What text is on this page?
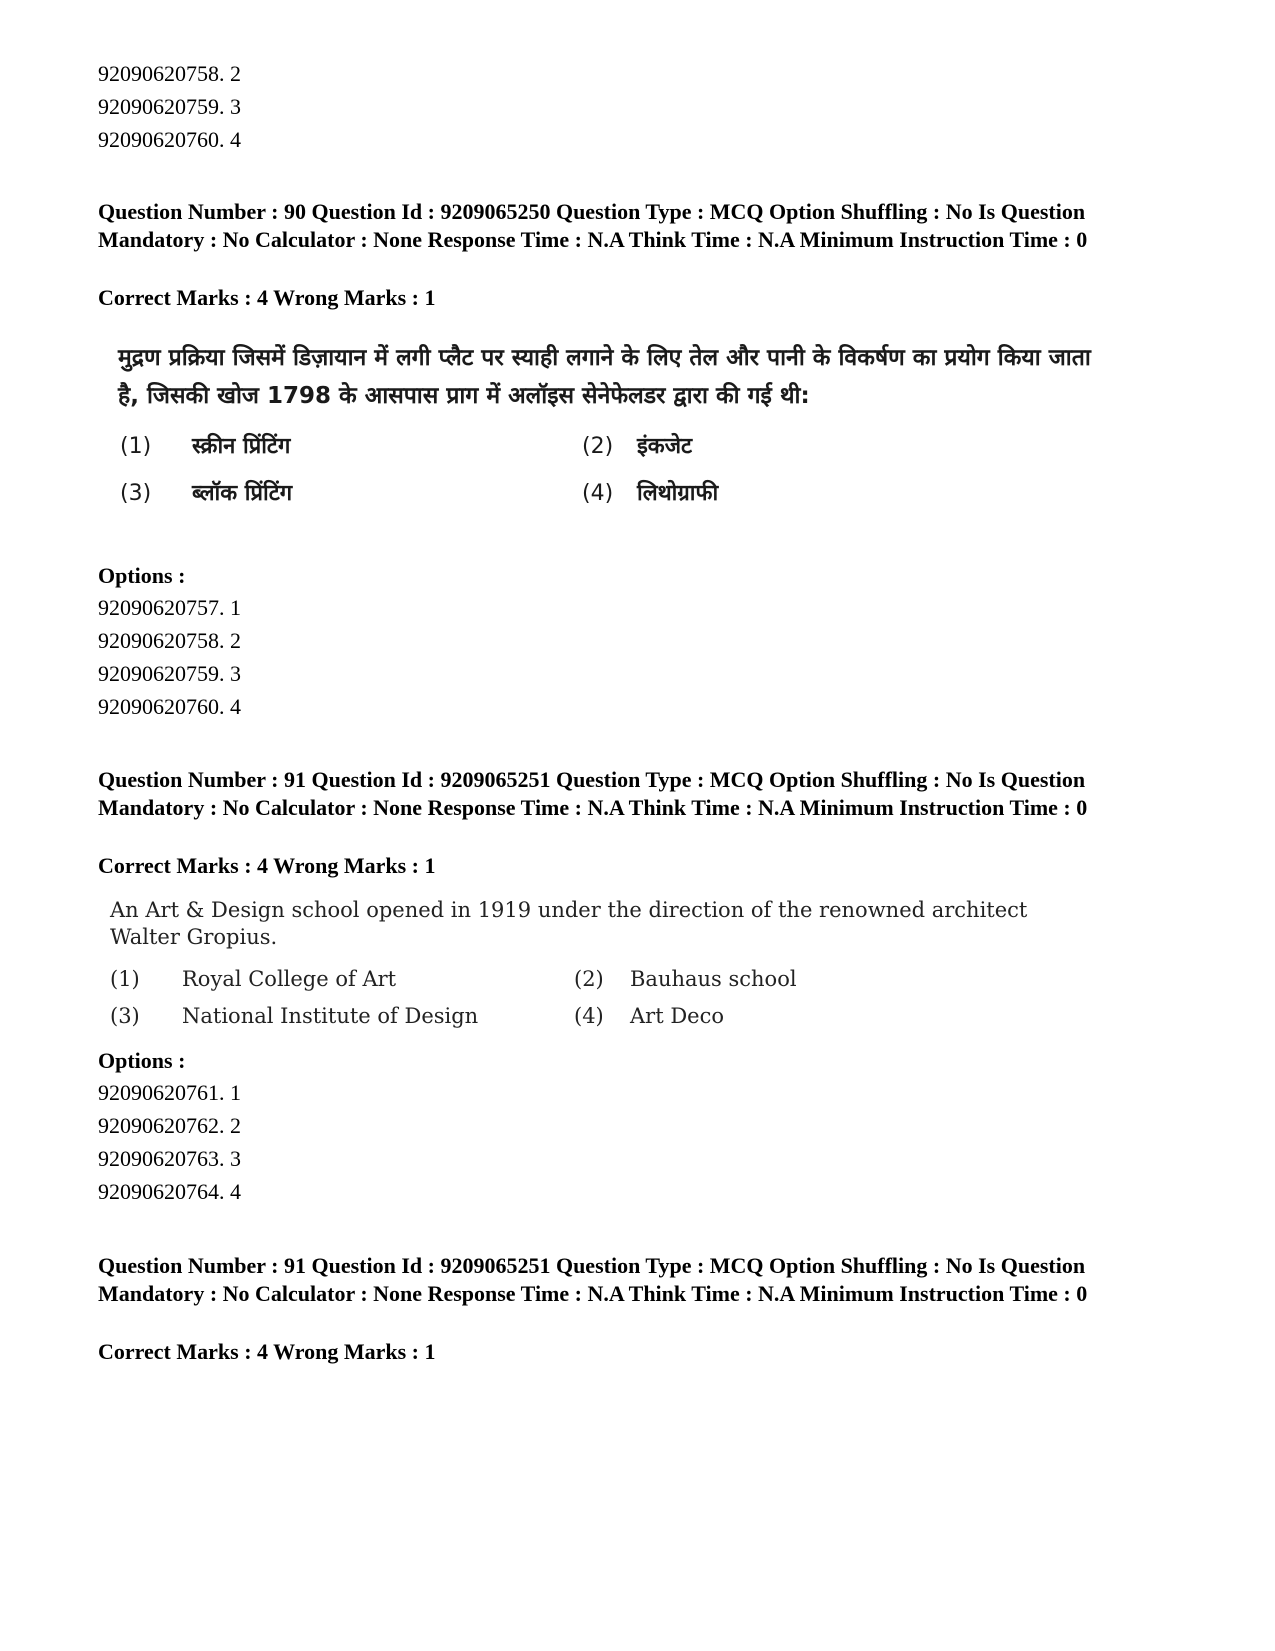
92090620758. 2
92090620759. 3
92090620760. 4
Question Number : 90 Question Id : 9209065250 Question Type : MCQ Option Shuffling : No Is Question Mandatory : No Calculator : None Response Time : N.A Think Time : N.A Minimum Instruction Time : 0
Correct Marks : 4 Wrong Marks : 1
मुद्रण प्रक्रिया जिसमें डिज़ायान में लगी प्लैट पर स्याही लगाने के लिए तेल और पानी के विकर्षण का प्रयोग किया जाता है, जिसकी खोज 1798 के आसपास प्राग में अलॉइस सेनेफेलडर द्वारा की गई थी:
(1) स्क्रीन प्रिंटिंग	(2) इंकजेट
(3) ब्लॉक प्रिंटिंग	(4) लिथोग्राफी
Options :
92090620757. 1
92090620758. 2
92090620759. 3
92090620760. 4
Question Number : 91 Question Id : 9209065251 Question Type : MCQ Option Shuffling : No Is Question Mandatory : No Calculator : None Response Time : N.A Think Time : N.A Minimum Instruction Time : 0
Correct Marks : 4 Wrong Marks : 1
An Art & Design school opened in 1919 under the direction of the renowned architect Walter Gropius.
(1) Royal College of Art	(2) Bauhaus school
(3) National Institute of Design	(4) Art Deco
Options :
92090620761. 1
92090620762. 2
92090620763. 3
92090620764. 4
Question Number : 91 Question Id : 9209065251 Question Type : MCQ Option Shuffling : No Is Question Mandatory : No Calculator : None Response Time : N.A Think Time : N.A Minimum Instruction Time : 0
Correct Marks : 4 Wrong Marks : 1
